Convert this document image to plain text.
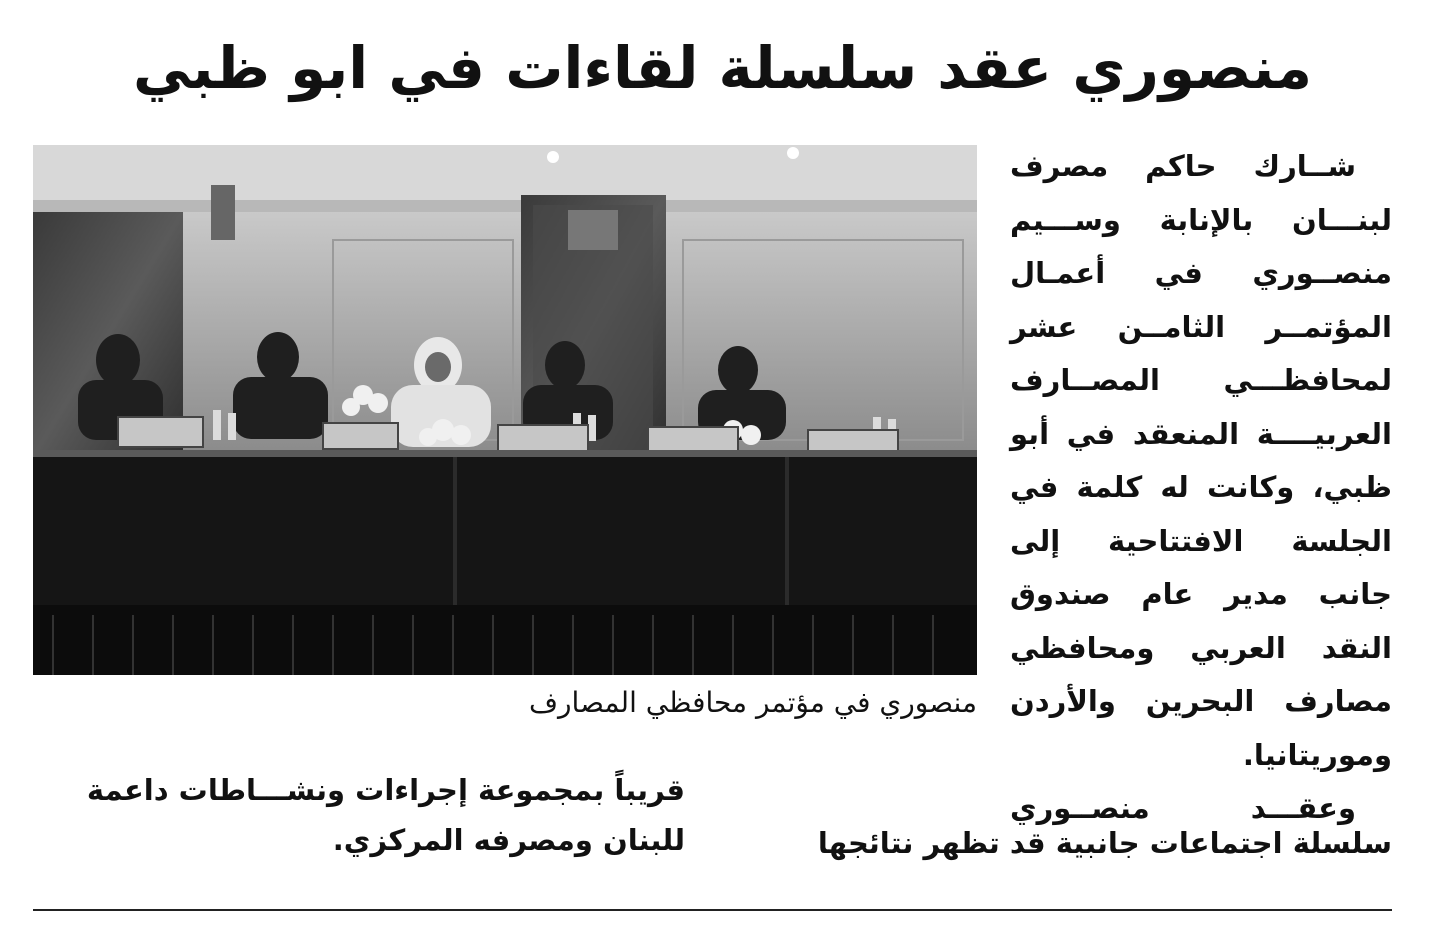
منصوري عقد سلسلة لقاءات في ابو ظبي
منصوري في مؤتمر محافظي المصارف

شــارك حاكم مصرف

لبنـــان بالإنابة وســـيم

منصــوري في أعمـال

المؤتمــر الثامــن عشر

لمحافظـــي المصــارف

العربيــــة المنعقد في أبو

ظبي، وكانت له كلمة في

الجلسة الافتتاحية إلى

جانب مدير عام صندوق

النقد العربي ومحافظي

مصارف البحرين والأردن

وموريتانيا.

وعقـــد منصــوري

سلسلة اجتماعات جانبية قد تظهر نتائجها

قريباً بمجموعة إجراءات ونشـــاطات داعمة

للبنان ومصرفه المركزي.
